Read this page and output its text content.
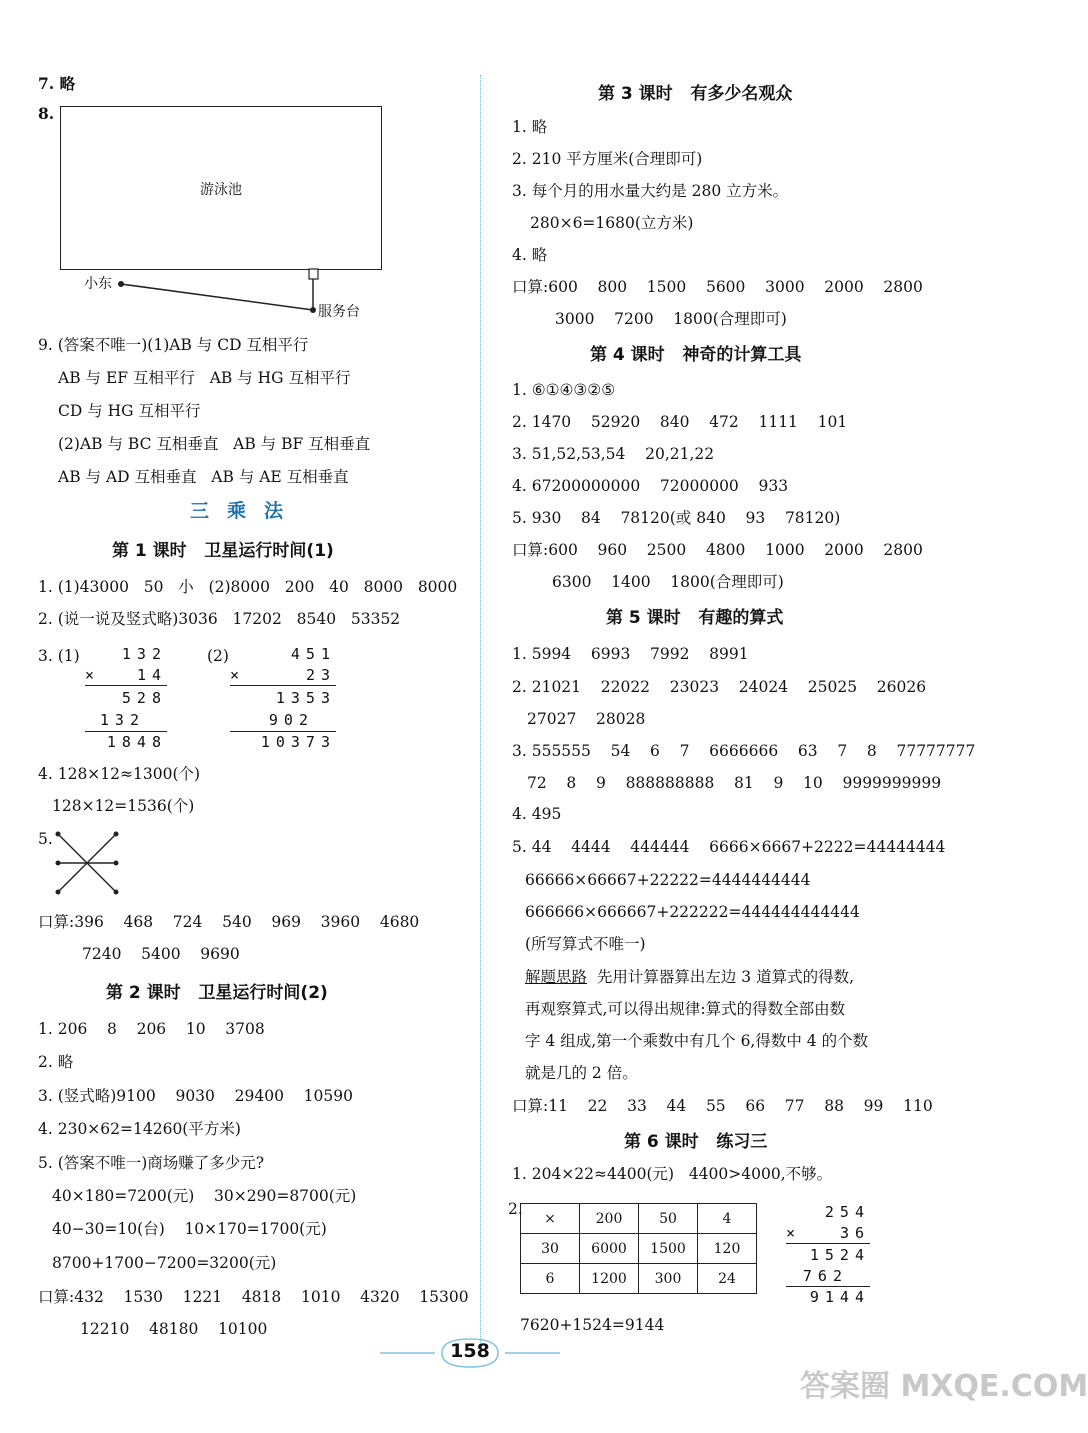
7. 略
8.
游泳池
小东
服务台
9. (答案不唯一)(1)AB 与 CD 互相平行
AB 与 EF 互相平行   AB 与 HG 互相平行
CD 与 HG 互相平行
(2)AB 与 BC 互相垂直   AB 与 BF 互相垂直
AB 与 AD 互相垂直   AB 与 AE 互相垂直
三乘法
第 1 课时   卫星运行时间(1)
1. (1)43000   50   小   (2)8000   200   40   8000   8000
2. (说一说及竖式略)3036   17202   8540   53352
3. (1)	132
×	14
528
132
1848
(2)	451
×	23
1353
902
10373
4. 128×12≈1300(个)
128×12=1536(个)
5.
口算:396    468    724    540    969    3960    4680
7240    5400    9690
第 2 课时   卫星运行时间(2)
1. 206    8    206    10    3708
2. 略
3. (竖式略)9100    9030    29400    10590
4. 230×62=14260(平方米)
5. (答案不唯一)商场赚了多少元?
40×180=7200(元)    30×290=8700(元)
40−30=10(台)    10×170=1700(元)
8700+1700−7200=3200(元)
口算:432    1530    1221    4818    1010    4320    15300
12210    48180    10100
第 3 课时   有多少名观众
1. 略
2. 210 平方厘米(合理即可)
3. 每个月的用水量大约是 280 立方米。
280×6=1680(立方米)
4. 略
口算:600    800    1500    5600    3000    2000    2800
3000    7200    1800(合理即可)
第 4 课时   神奇的计算工具
1. ⑥①④③②⑤
2. 1470    52920    840    472    1111    101
3. 51,52,53,54    20,21,22
4. 67200000000    72000000    933
5. 930    84    78120(或 840    93    78120)
口算:600    960    2500    4800    1000    2000    2800
6300    1400    1800(合理即可)
第 5 课时   有趣的算式
1. 5994    6993    7992    8991
2. 21021    22022    23023    24024    25025    26026
27027    28028
3. 555555    54    6    7    6666666    63    7    8    77777777
72    8    9    888888888    81    9    10    9999999999
4. 495
5. 44    4444    444444    6666×6667+2222=44444444
66666×66667+22222=4444444444
666666×666667+222222=444444444444
(所写算式不唯一)
解题思路  先用计算器算出左边 3 道算式的得数,
再观察算式,可以得出规律:算式的得数全部由数
字 4 组成,第一个乘数中有几个 6,得数中 4 的个数
就是几的 2 倍。
口算:11    22    33    44    55    66    77    88    99    110
第 6 课时   练习三
1. 204×22≈4400(元)   4400>4000,不够。
2.
×	200	50	4
30	6000	1500	120
6	1200	300	24
254
×	36
1524
762
9144
7620+1524=9144
158
答案圈 MXQE.COM
